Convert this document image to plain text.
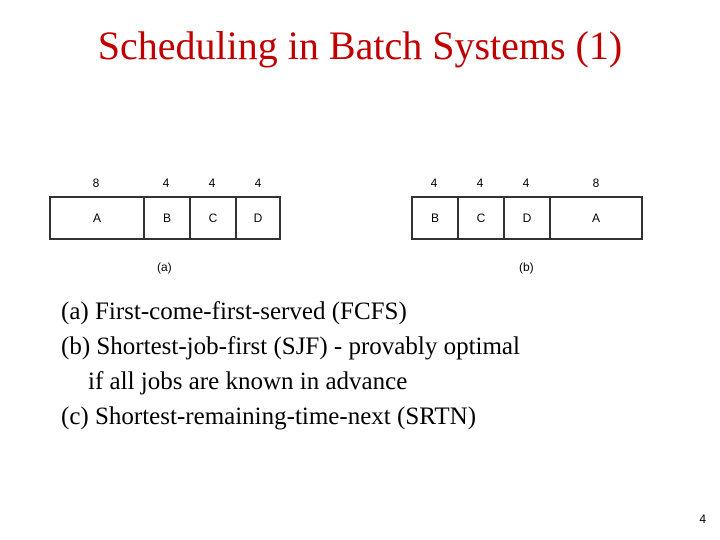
Scheduling in Batch Systems (1)
8	4	4	4
A	B	C	D
(a)
4	4	4	8
B	C	D	A
(b)
(a) First-come-first-served (FCFS)
(b) Shortest-job-first (SJF) - provably optimal
if all jobs are known in advance
(c) Shortest-remaining-time-next (SRTN)
4
